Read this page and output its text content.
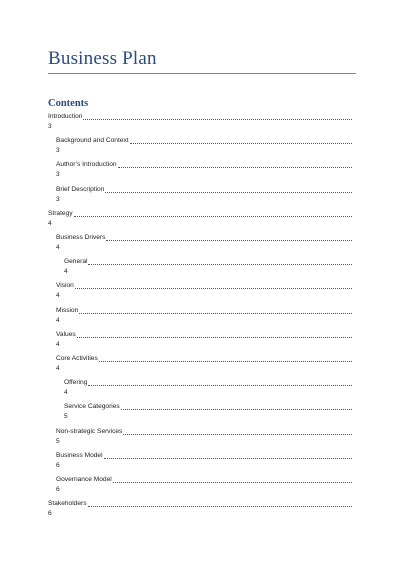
Business Plan
Contents
Introduction
3
Background and Context
3
Author’s Introduction
3
Brief Description
3
Strategy
4
Business Drivers
4
General
4
Vision
4
Mission
4
Values
4
Core Activities
4
Offering
4
Service Categories
5
Non-strategic Services
5
Business Model
6
Governance Model
6
Stakeholders
6
